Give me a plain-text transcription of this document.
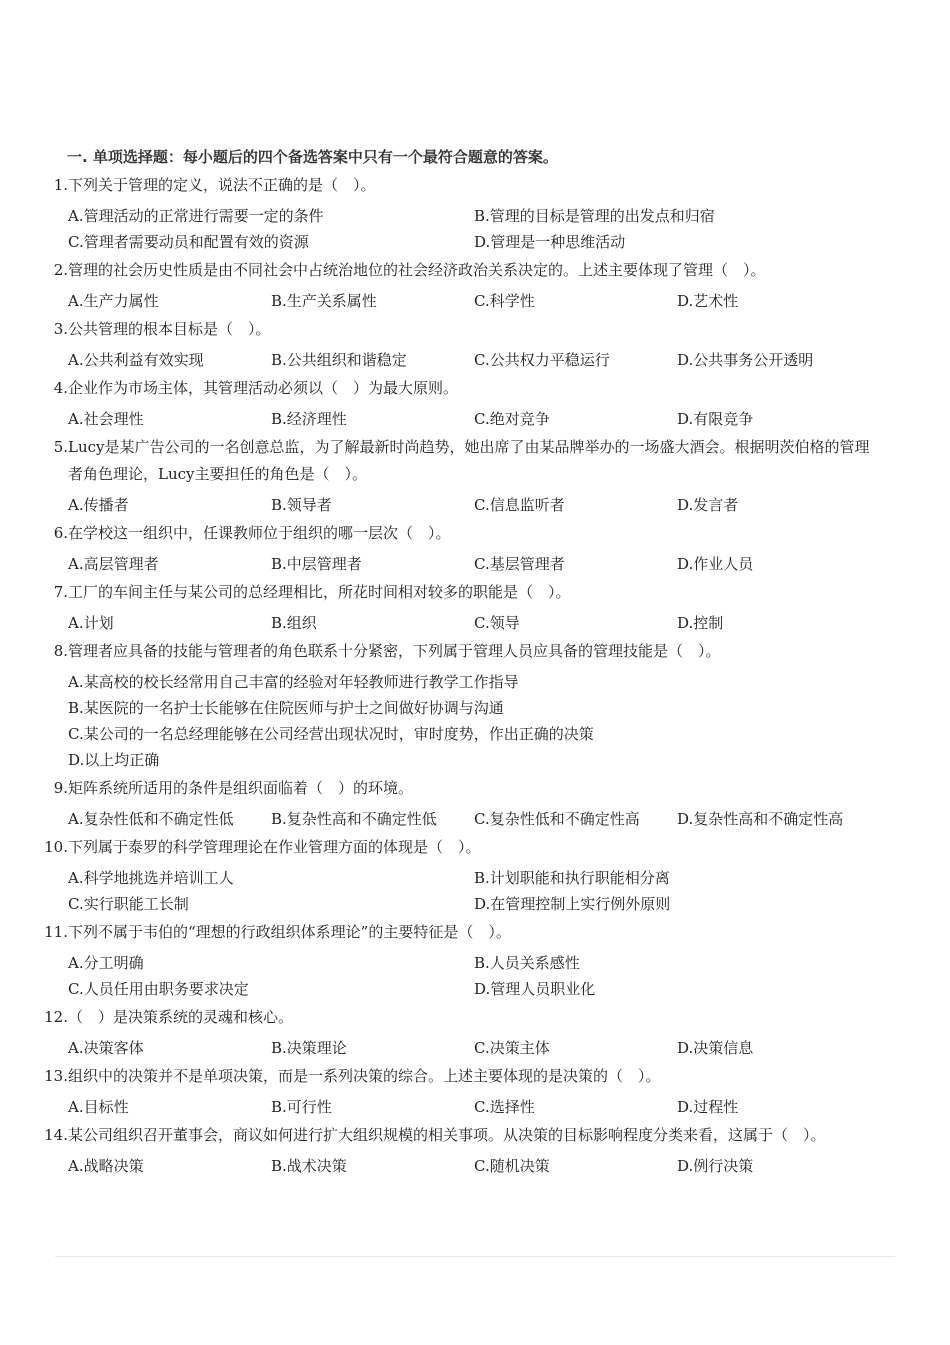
一. 单项选择题：每小题后的四个备选答案中只有一个最符合题意的答案。
1. 下列关于管理的定义，说法不正确的是（　）。
A.管理活动的正常进行需要一定的条件	B.管理的目标是管理的出发点和归宿
C.管理者需要动员和配置有效的资源	D.管理是一种思维活动
2. 管理的社会历史性质是由不同社会中占统治地位的社会经济政治关系决定的。上述主要体现了管理（　）。
A.生产力属性	B.生产关系属性	C.科学性	D.艺术性
3. 公共管理的根本目标是（　）。
A.公共利益有效实现	B.公共组织和谐稳定	C.公共权力平稳运行	D.公共事务公开透明
4. 企业作为市场主体，其管理活动必须以（　）为最大原则。
A.社会理性	B.经济理性	C.绝对竞争	D.有限竞争
5. Lucy是某广告公司的一名创意总监，为了解最新时尚趋势，她出席了由某品牌举办的一场盛大酒会。根据明茨伯格的管理者角色理论，Lucy主要担任的角色是（　）。
A.传播者	B.领导者	C.信息监听者	D.发言者
6. 在学校这一组织中，任课教师位于组织的哪一层次（　）。
A.高层管理者	B.中层管理者	C.基层管理者	D.作业人员
7. 工厂的车间主任与某公司的总经理相比，所花时间相对较多的职能是（　）。
A.计划	B.组织	C.领导	D.控制
8. 管理者应具备的技能与管理者的角色联系十分紧密，下列属于管理人员应具备的管理技能是（　）。
A.某高校的校长经常用自己丰富的经验对年轻教师进行教学工作指导
B.某医院的一名护士长能够在住院医师与护士之间做好协调与沟通
C.某公司的一名总经理能够在公司经营出现状况时，审时度势，作出正确的决策
D.以上均正确
9. 矩阵系统所适用的条件是组织面临着（　）的环境。
A.复杂性低和不确定性低	B.复杂性高和不确定性低	C.复杂性低和不确定性高	D.复杂性高和不确定性高
10. 下列属于泰罗的科学管理理论在作业管理方面的体现是（　）。
A.科学地挑选并培训工人	B.计划职能和执行职能相分离
C.实行职能工长制	D.在管理控制上实行例外原则
11. 下列不属于韦伯的“理想的行政组织体系理论”的主要特征是（　）。
A.分工明确	B.人员关系感性
C.人员任用由职务要求决定	D.管理人员职业化
12. （　）是决策系统的灵魂和核心。
A.决策客体	B.决策理论	C.决策主体	D.决策信息
13. 组织中的决策并不是单项决策，而是一系列决策的综合。上述主要体现的是决策的（　）。
A.目标性	B.可行性	C.选择性	D.过程性
14. 某公司组织召开董事会，商议如何进行扩大组织规模的相关事项。从决策的目标影响程度分类来看，这属于（　）。
A.战略决策	B.战术决策	C.随机决策	D.例行决策
